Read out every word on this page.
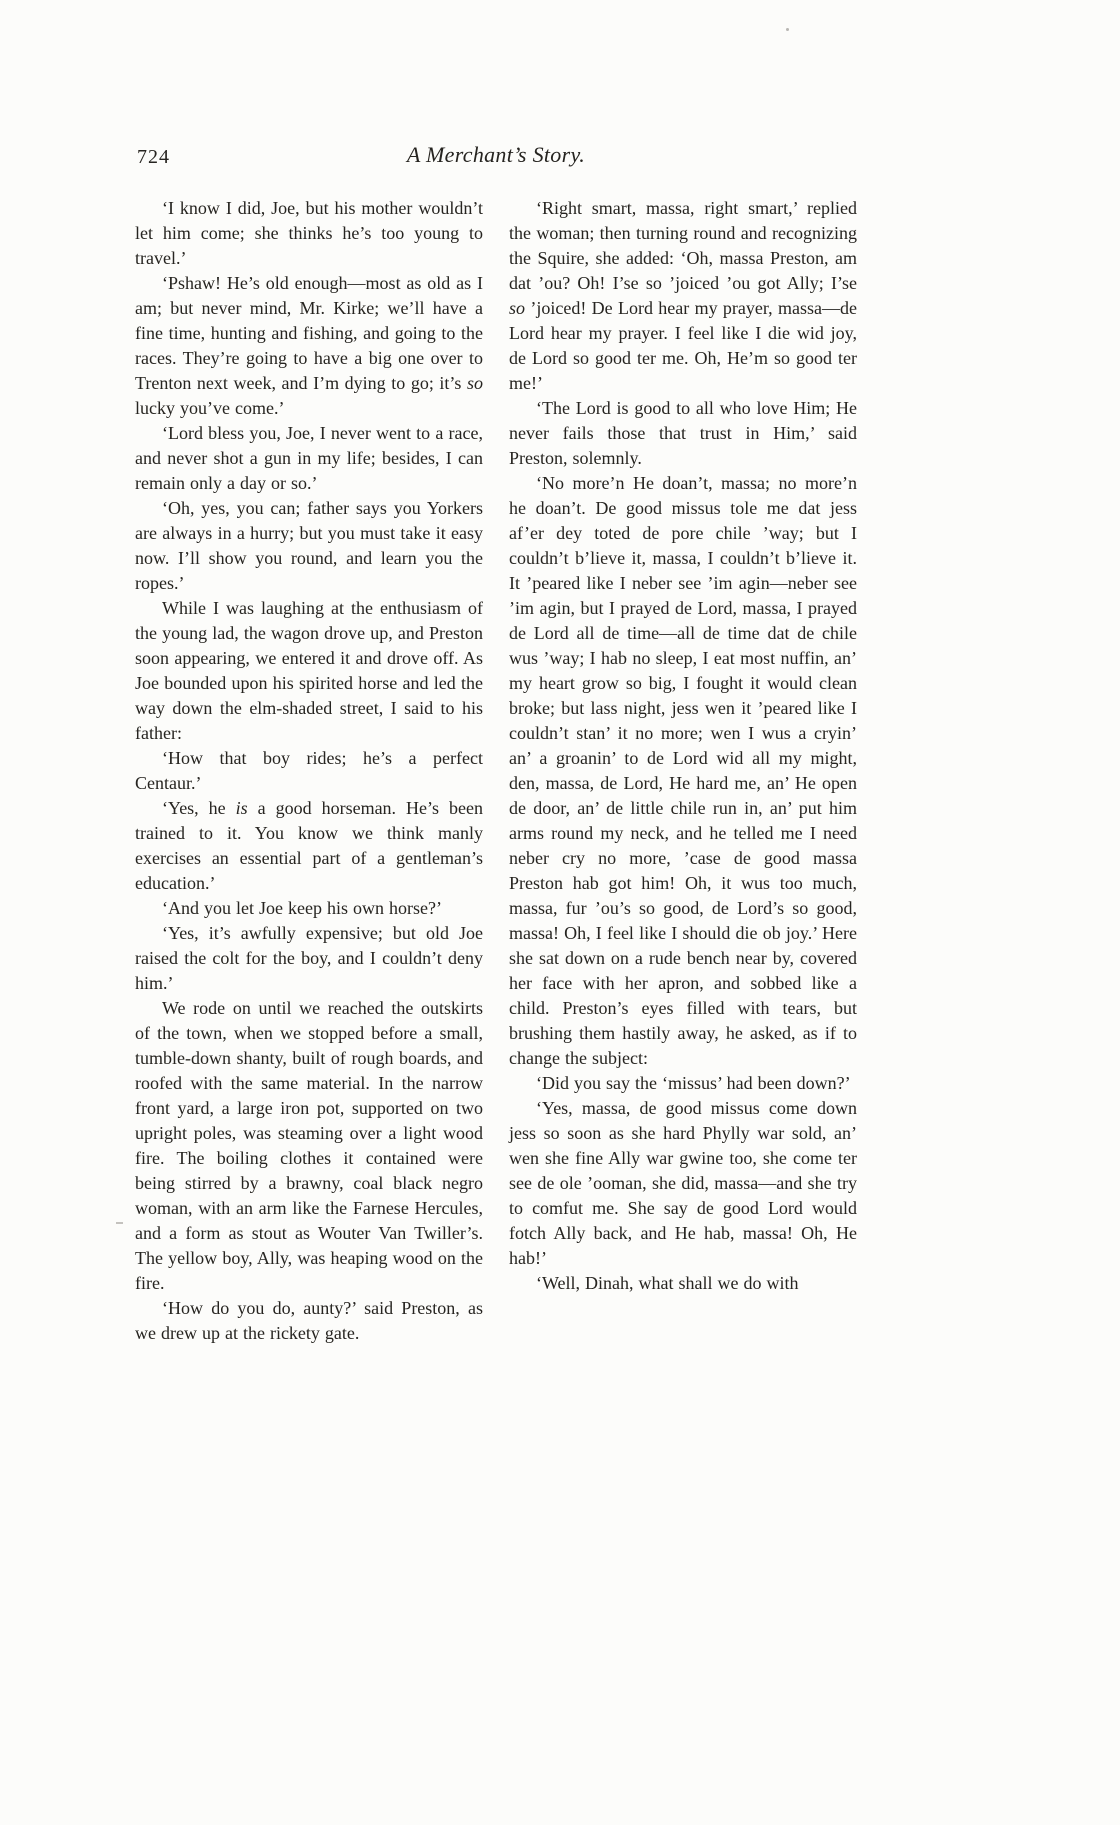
724	A Merchant’s Story.

‘I know I did, Joe, but his mother wouldn’t let him come; she thinks he’s too young to travel.’

‘Pshaw! He’s old enough—most as old as I am; but never mind, Mr. Kirke; we’ll have a fine time, hunting and fishing, and going to the races. They’re going to have a big one over to Trenton next week, and I’m dying to go; it’s so lucky you’ve come.’

‘Lord bless you, Joe, I never went to a race, and never shot a gun in my life; besides, I can remain only a day or so.’

‘Oh, yes, you can; father says you Yorkers are always in a hurry; but you must take it easy now. I’ll show you round, and learn you the ropes.’

While I was laughing at the enthusiasm of the young lad, the wagon drove up, and Preston soon appearing, we entered it and drove off. As Joe bounded upon his spirited horse and led the way down the elm-shaded street, I said to his father:

‘How that boy rides; he’s a perfect Centaur.’

‘Yes, he is a good horseman. He’s been trained to it. You know we think manly exercises an essential part of a gentleman’s education.’

‘And you let Joe keep his own horse?’

‘Yes, it’s awfully expensive; but old Joe raised the colt for the boy, and I couldn’t deny him.’

We rode on until we reached the outskirts of the town, when we stopped before a small, tumble-down shanty, built of rough boards, and roofed with the same material. In the narrow front yard, a large iron pot, supported on two upright poles, was steaming over a light wood fire. The boiling clothes it contained were being stirred by a brawny, coal black negro woman, with an arm like the Farnese Hercules, and a form as stout as Wouter Van Twiller’s. The yellow boy, Ally, was heaping wood on the fire.

‘How do you do, aunty?’ said Preston, as we drew up at the rickety gate.

‘Right smart, massa, right smart,’ replied the woman; then turning round and recognizing the Squire, she added: ‘Oh, massa Preston, am dat ’ou? Oh! I’se so ’joiced ’ou got Ally; I’se so ’joiced! De Lord hear my prayer, massa—de Lord hear my prayer. I feel like I die wid joy, de Lord so good ter me. Oh, He’m so good ter me!’

‘The Lord is good to all who love Him; He never fails those that trust in Him,’ said Preston, solemnly.

‘No more’n He doan’t, massa; no more’n he doan’t. De good missus tole me dat jess af’er dey toted de pore chile ’way; but I couldn’t b’lieve it, massa, I couldn’t b’lieve it. It ’peared like I neber see ’im agin—neber see ’im agin, but I prayed de Lord, massa, I prayed de Lord all de time—all de time dat de chile wus ’way; I hab no sleep, I eat most nuffin, an’ my heart grow so big, I fought it would clean broke; but lass night, jess wen it ’peared like I couldn’t stan’ it no more; wen I wus a cryin’ an’ a groanin’ to de Lord wid all my might, den, massa, de Lord, He hard me, an’ He open de door, an’ de little chile run in, an’ put him arms round my neck, and he telled me I need neber cry no more, ’case de good massa Preston hab got him! Oh, it wus too much, massa, fur ’ou’s so good, de Lord’s so good, massa! Oh, I feel like I should die ob joy.’ Here she sat down on a rude bench near by, covered her face with her apron, and sobbed like a child. Preston’s eyes filled with tears, but brushing them hastily away, he asked, as if to change the subject:

‘Did you say the ‘missus’ had been down?’

‘Yes, massa, de good missus come down jess so soon as she hard Phylly war sold, an’ wen she fine Ally war gwine too, she come ter see de ole ’ooman, she did, massa—and she try to comfut me. She say de good Lord would fotch Ally back, and He hab, massa! Oh, He hab!’

‘Well, Dinah, what shall we do with
